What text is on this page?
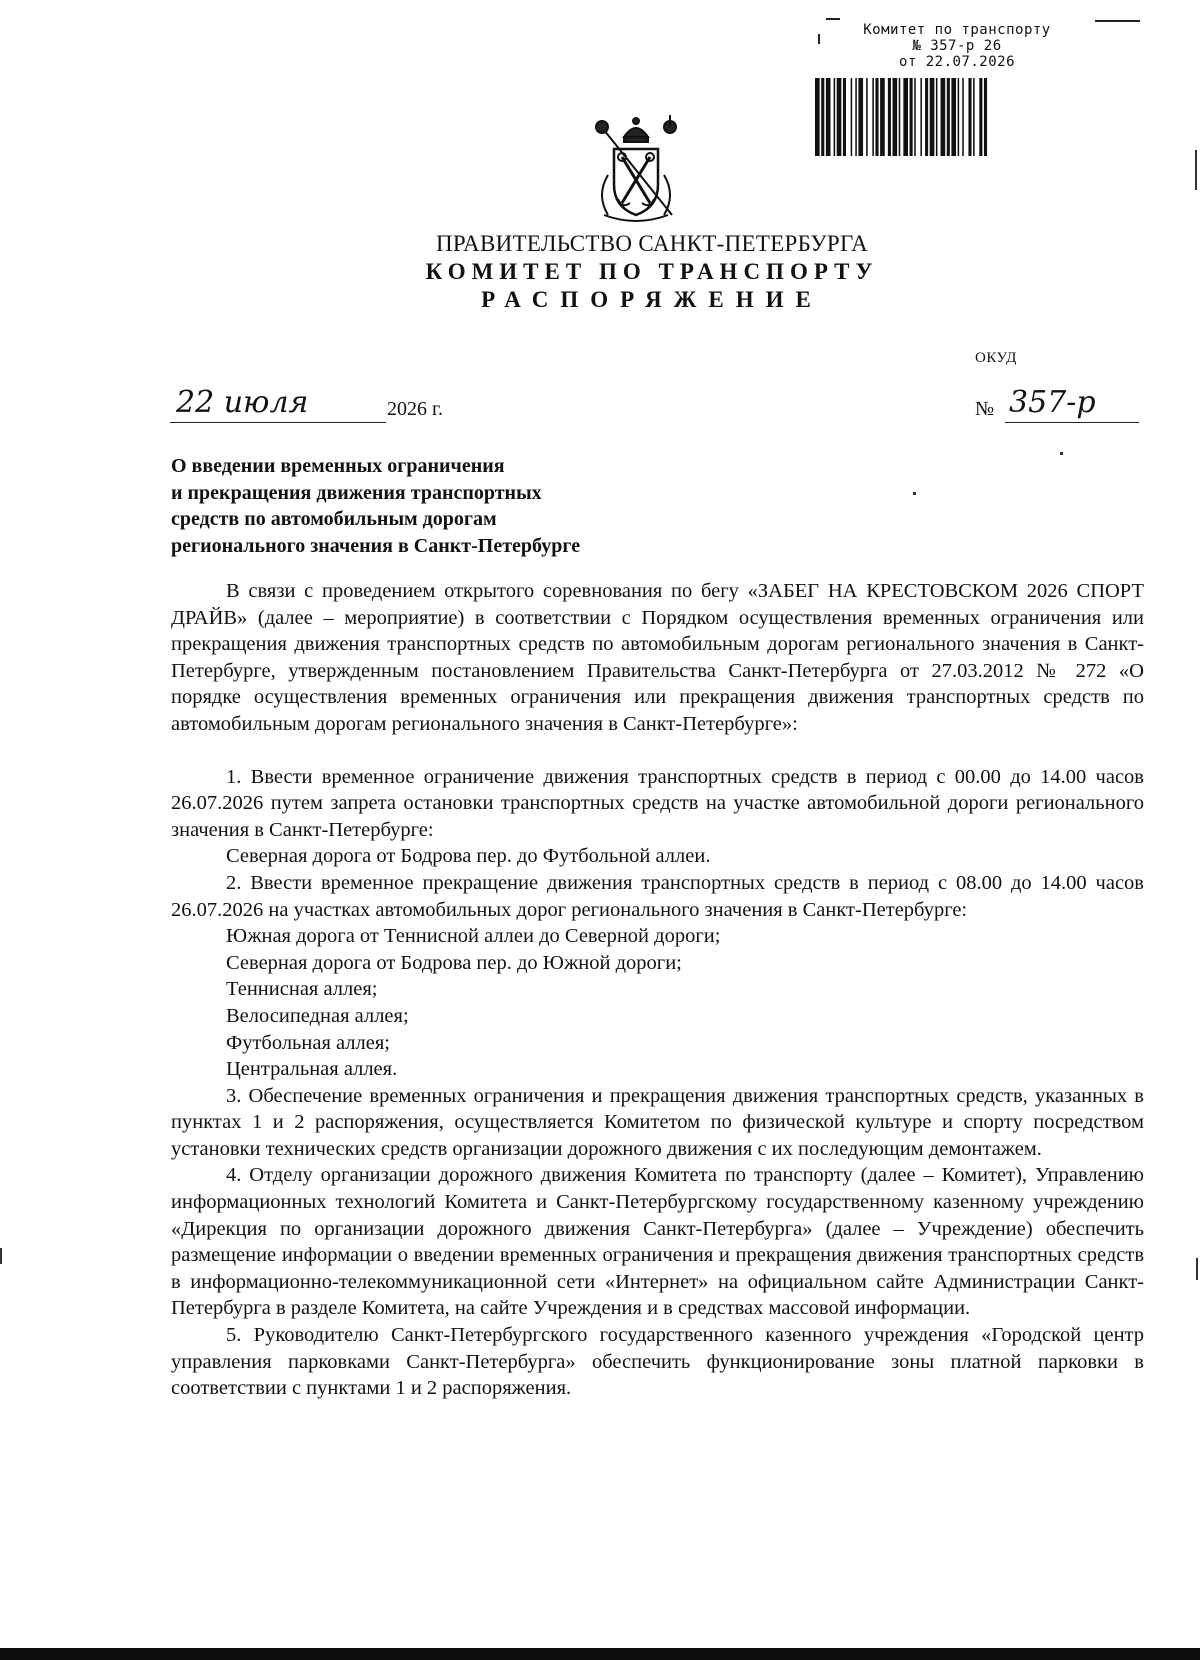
Комитет по транспорту
№ 357-р 26
от 22.07.2026
ПРАВИТЕЛЬСТВО САНКТ-ПЕТЕРБУРГА
КОМИТЕТ ПО ТРАНСПОРТУ
РАСПОРЯЖЕНИЕ
ОКУД
22 июля	2026 г.	№ 357-р
О введении временных ограничения
и прекращения движения транспортных
средств по автомобильным дорогам
регионального значения в Санкт-Петербурге

В связи с проведением открытого соревнования по бегу «ЗАБЕГ НА КРЕСТОВСКОМ 2026 СПОРТ ДРАЙВ» (далее – мероприятие) в соответствии с Порядком осуществления временных ограничения или прекращения движения транспортных средств по автомобильным дорогам регионального значения в Санкт-Петербурге, утвержденным постановлением Правительства Санкт-Петербурга от 27.03.2012 № 272 «О порядке осуществления временных ограничения или прекращения движения транспортных средств по автомобильным дорогам регионального значения в Санкт-Петербурге»:

1. Ввести временное ограничение движения транспортных средств в период с 00.00 до 14.00 часов 26.07.2026 путем запрета остановки транспортных средств на участке автомобильной дороги регионального значения в Санкт-Петербурге:

Северная дорога от Бодрова пер. до Футбольной аллеи.

2. Ввести временное прекращение движения транспортных средств в период с 08.00 до 14.00 часов 26.07.2026 на участках автомобильных дорог регионального значения в Санкт-Петербурге:

Южная дорога от Теннисной аллеи до Северной дороги;

Северная дорога от Бодрова пер. до Южной дороги;

Теннисная аллея;

Велосипедная аллея;

Футбольная аллея;

Центральная аллея.

3. Обеспечение временных ограничения и прекращения движения транспортных средств, указанных в пунктах 1 и 2 распоряжения, осуществляется Комитетом по физической культуре и спорту посредством установки технических средств организации дорожного движения с их последующим демонтажем.

4. Отделу организации дорожного движения Комитета по транспорту (далее – Комитет), Управлению информационных технологий Комитета и Санкт-Петербургскому государственному казенному учреждению «Дирекция по организации дорожного движения Санкт-Петербурга» (далее – Учреждение) обеспечить размещение информации о введении временных ограничения и прекращения движения транспортных средств в информационно-телекоммуникационной сети «Интернет» на официальном сайте Администрации Санкт-Петербурга в разделе Комитета, на сайте Учреждения и в средствах массовой информации.

5. Руководителю Санкт-Петербургского государственного казенного учреждения «Городской центр управления парковками Санкт-Петербурга» обеспечить функционирование зоны платной парковки в соответствии с пунктами 1 и 2 распоряжения.
